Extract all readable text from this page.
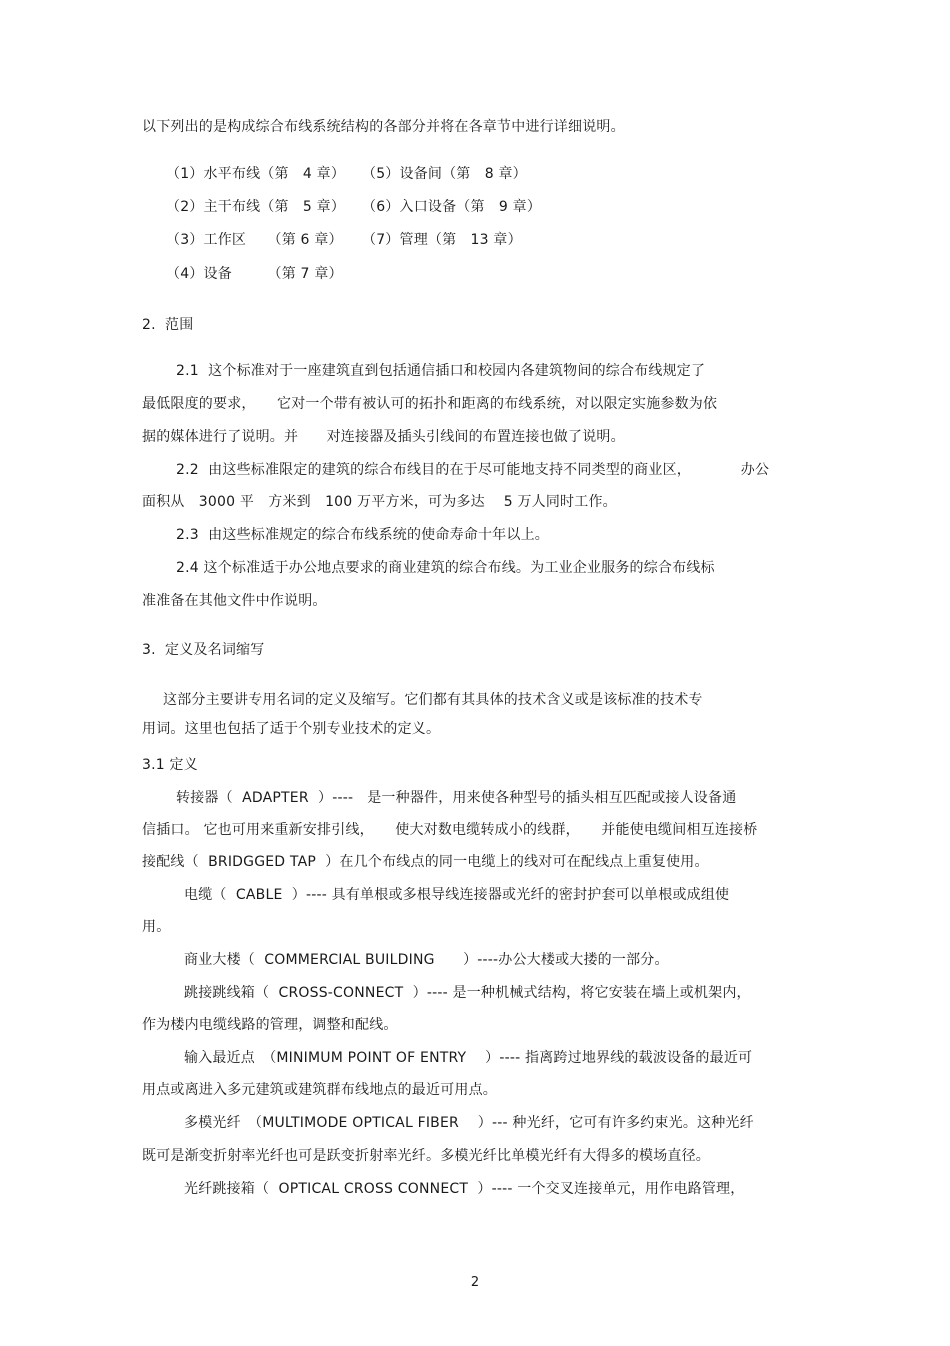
以下列出的是构成综合布线系统结构的各部分并将在各章节中进行详细说明。
（1）水平布线（第　4 章） （5）设备间（第　8 章）
（2）主干布线（第　5 章） （6）入口设备（第　9 章）
（3）工作区　　（第 6 章） （7）管理（第　13 章）
（4）设备　　　（第 7 章）
2.  范围
2.1  这个标准对于一座建筑直到包括通信插口和校园内各建筑物间的综合布线规定了
最低限度的要求，　　它对一个带有被认可的拓扑和距离的布线系统，对以限定实施参数为依
据的媒体进行了说明。并　　对连接器及插头引线间的布置连接也做了说明。
2.2  由这些标准限定的建筑的综合布线目的在于尽可能地支持不同类型的商业区，　　　　办公
面积从　3000 平　方米到　100 万平方米，可为多达　 5 万人同时工作。
2.3  由这些标准规定的综合布线系统的使命寿命十年以上。
2.4 这个标准适于办公地点要求的商业建筑的综合布线。为工业企业服务的综合布线标
准准备在其他文件中作说明。
3.  定义及名词缩写
这部分主要讲专用名词的定义及缩写。它们都有其具体的技术含义或是该标准的技术专
用词。这里也包括了适于个别专业技术的定义。
3.1 定义
转接器（  ADAPTER  ）----   是一种器件，用来使各种型号的插头相互匹配或接人设备通
信插口。 它也可用来重新安排引线，　　使大对数电缆转成小的线群，　　并能使电缆间相互连接桥
接配线（  BRIDGGED TAP  ）在几个布线点的同一电缆上的线对可在配线点上重复使用。
电缆（  CABLE  ）---- 具有单根或多根导线连接器或光纤的密封护套可以单根或成组使
用。
商业大楼（  COMMERCIAL BUILDING　　）----办公大楼或大搂的一部分。
跳接跳线箱（  CROSS-CONNECT  ）---- 是一种机械式结构，将它安装在墙上或机架内，
作为楼内电缆线路的管理，调整和配线。
输入最近点　（MINIMUM POINT OF ENTRY　 ）---- 指离跨过地界线的载波设备的最近可
用点或离进入多元建筑或建筑群布线地点的最近可用点。
多模光纤　（MULTIMODE OPTICAL FIBER　 ）--- 种光纤，它可有许多约束光。这种光纤
既可是渐变折射率光纤也可是跃变折射率光纤。多模光纤比单模光纤有大得多的模场直径。
光纤跳接箱（  OPTICAL CROSS CONNECT  ）---- 一个交叉连接单元，用作电路管理，
2
